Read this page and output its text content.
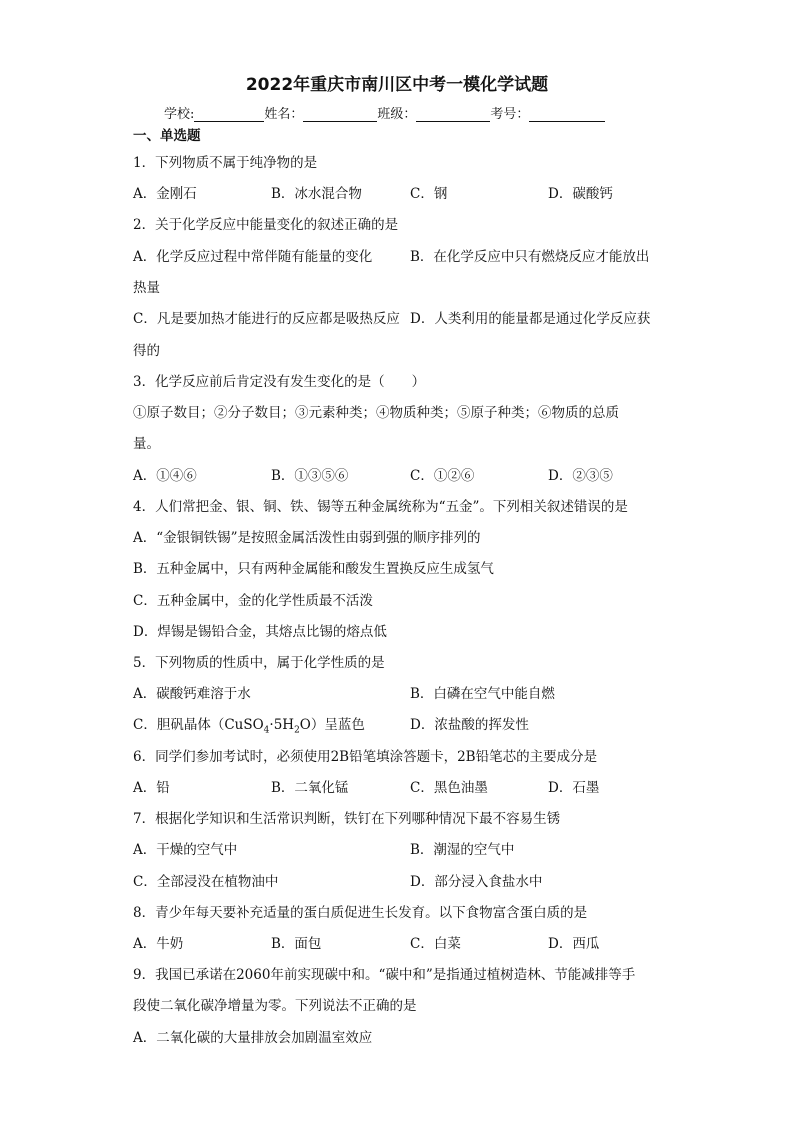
2022年重庆市南川区中考一模化学试题
学校:	姓名：	班级：	考号：
一、单选题
1．下列物质不属于纯净物的是
A．金刚石	B．冰水混合物	C．钢	D．碳酸钙
2．关于化学反应中能量变化的叙述正确的是
A．化学反应过程中常伴随有能量的变化	B．在化学反应中只有燃烧反应才能放出
热量
C．凡是要加热才能进行的反应都是吸热反应 D．人类利用的能量都是通过化学反应获
得的
3．化学反应前后肯定没有发生变化的是（　　）
①原子数目；②分子数目；③元素种类；④物质种类；⑤原子种类；⑥物质的总质
量。
A．①④⑥	B．①③⑤⑥	C．①②⑥	D．②③⑤
4．人们常把金、银、铜、铁、锡等五种金属统称为“五金”。下列相关叙述错误的是
A．“金银铜铁锡”是按照金属活泼性由弱到强的顺序排列的
B．五种金属中，只有两种金属能和酸发生置换反应生成氢气
C．五种金属中，金的化学性质最不活泼
D．焊锡是锡铅合金，其熔点比锡的熔点低
5．下列物质的性质中，属于化学性质的是
A．碳酸钙难溶于水	B．白磷在空气中能自燃
C．胆矾晶体$(CuSO_4\cdot 5H_2O)$呈蓝色	D．浓盐酸的挥发性
6．同学们参加考试时，必须使用2B铅笔填涂答题卡，2B铅笔芯的主要成分是
A．铅	B．二氧化锰	C．黑色油墨	D．石墨
7．根据化学知识和生活常识判断，铁钉在下列哪种情况下最不容易生锈
A．干燥的空气中	B．潮湿的空气中
C．全部浸没在植物油中	D．部分浸入食盐水中
8．青少年每天要补充适量的蛋白质促进生长发育。以下食物富含蛋白质的是
A．牛奶	B．面包	C．白菜	D．西瓜
9．我国已承诺在2060年前实现碳中和。“碳中和”是指通过植树造林、节能减排等手
段使二氧化碳净增量为零。下列说法不正确的是
A．二氧化碳的大量排放会加剧温室效应
